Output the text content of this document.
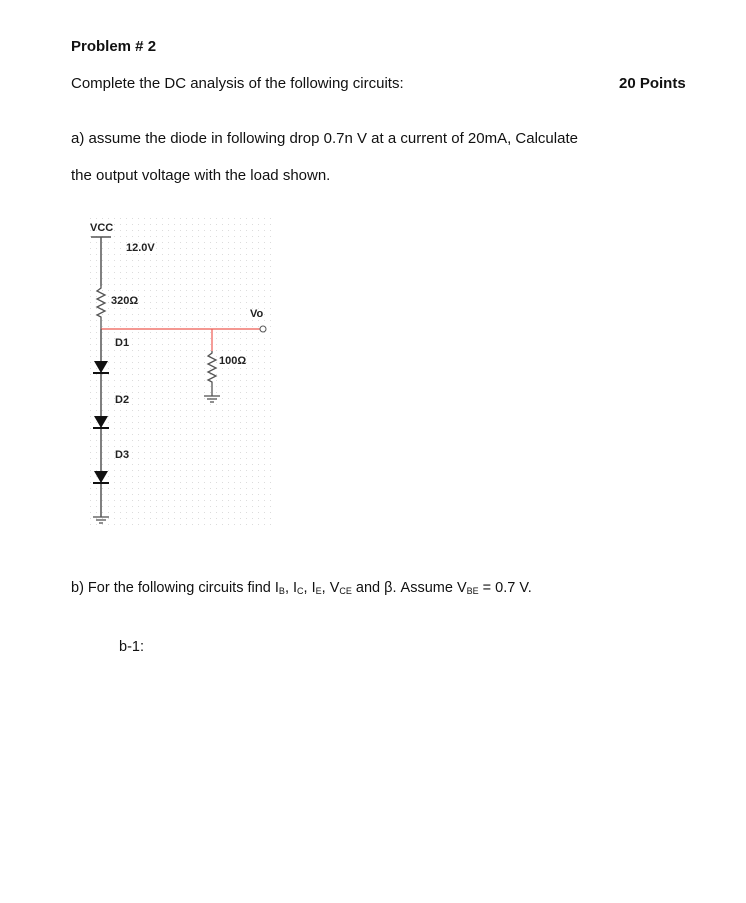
Problem # 2
Complete the DC analysis of the following circuits:	20 Points
a) assume the diode in following drop 0.7n V at a current of 20mA, Calculate
the output voltage with the load shown.
VCC
12.0V
320Ω
Vo
100Ω
D1
D2
D3
b) For the following circuits find $I_B$, $I_C$, $I_E$, $V_{CE}$ and β. Assume $V_{BE} = 0.7$ V.
b-1:
